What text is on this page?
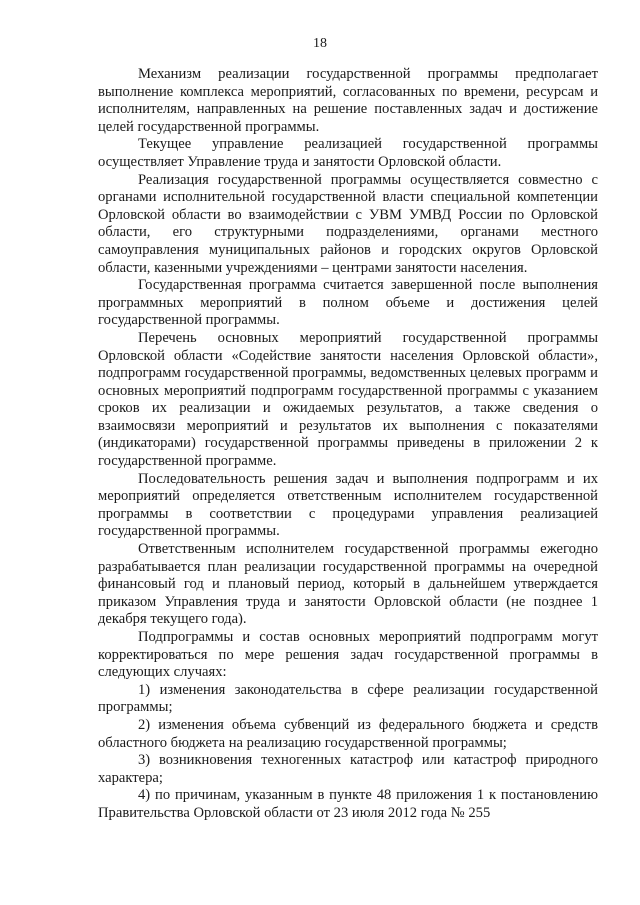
18

Механизм реализации государственной программы предполагает выполнение комплекса мероприятий, согласованных по времени, ресурсам и исполнителям, направленных на решение поставленных задач и достижение целей государственной программы.

Текущее управление реализацией государственной программы осуществляет Управление труда и занятости Орловской области.

Реализация государственной программы осуществляется совместно с органами исполнительной государственной власти специальной компетенции Орловской области во взаимодействии с УВМ УМВД России по Орловской области, его структурными подразделениями, органами местного самоуправления муниципальных районов и городских округов Орловской области, казенными учреждениями – центрами занятости населения.

Государственная программа считается завершенной после выполнения программных мероприятий в полном объеме и достижения целей государственной программы.

Перечень основных мероприятий государственной программы Орловской области «Содействие занятости населения Орловской области», подпрограмм государственной программы, ведомственных целевых программ и основных мероприятий подпрограмм государственной программы с указанием сроков их реализации и ожидаемых результатов, а также сведения о взаимосвязи мероприятий и результатов их выполнения с показателями (индикаторами) государственной программы приведены в приложении 2 к государственной программе.

Последовательность решения задач и выполнения подпрограмм и их мероприятий определяется ответственным исполнителем государственной программы в соответствии с процедурами управления реализацией государственной программы.

Ответственным исполнителем государственной программы ежегодно разрабатывается план реализации государственной программы на очередной финансовый год и плановый период, который в дальнейшем утверждается приказом Управления труда и занятости Орловской области (не позднее 1 декабря текущего года).

Подпрограммы и состав основных мероприятий подпрограмм могут корректироваться по мере решения задач государственной программы в следующих случаях:

1) изменения законодательства в сфере реализации государственной программы;

2) изменения объема субвенций из федерального бюджета и средств областного бюджета на реализацию государственной программы;

3) возникновения техногенных катастроф или катастроф природного характера;

4) по причинам, указанным в пункте 48 приложения 1 к постановлению Правительства Орловской области от 23 июля 2012 года № 255
